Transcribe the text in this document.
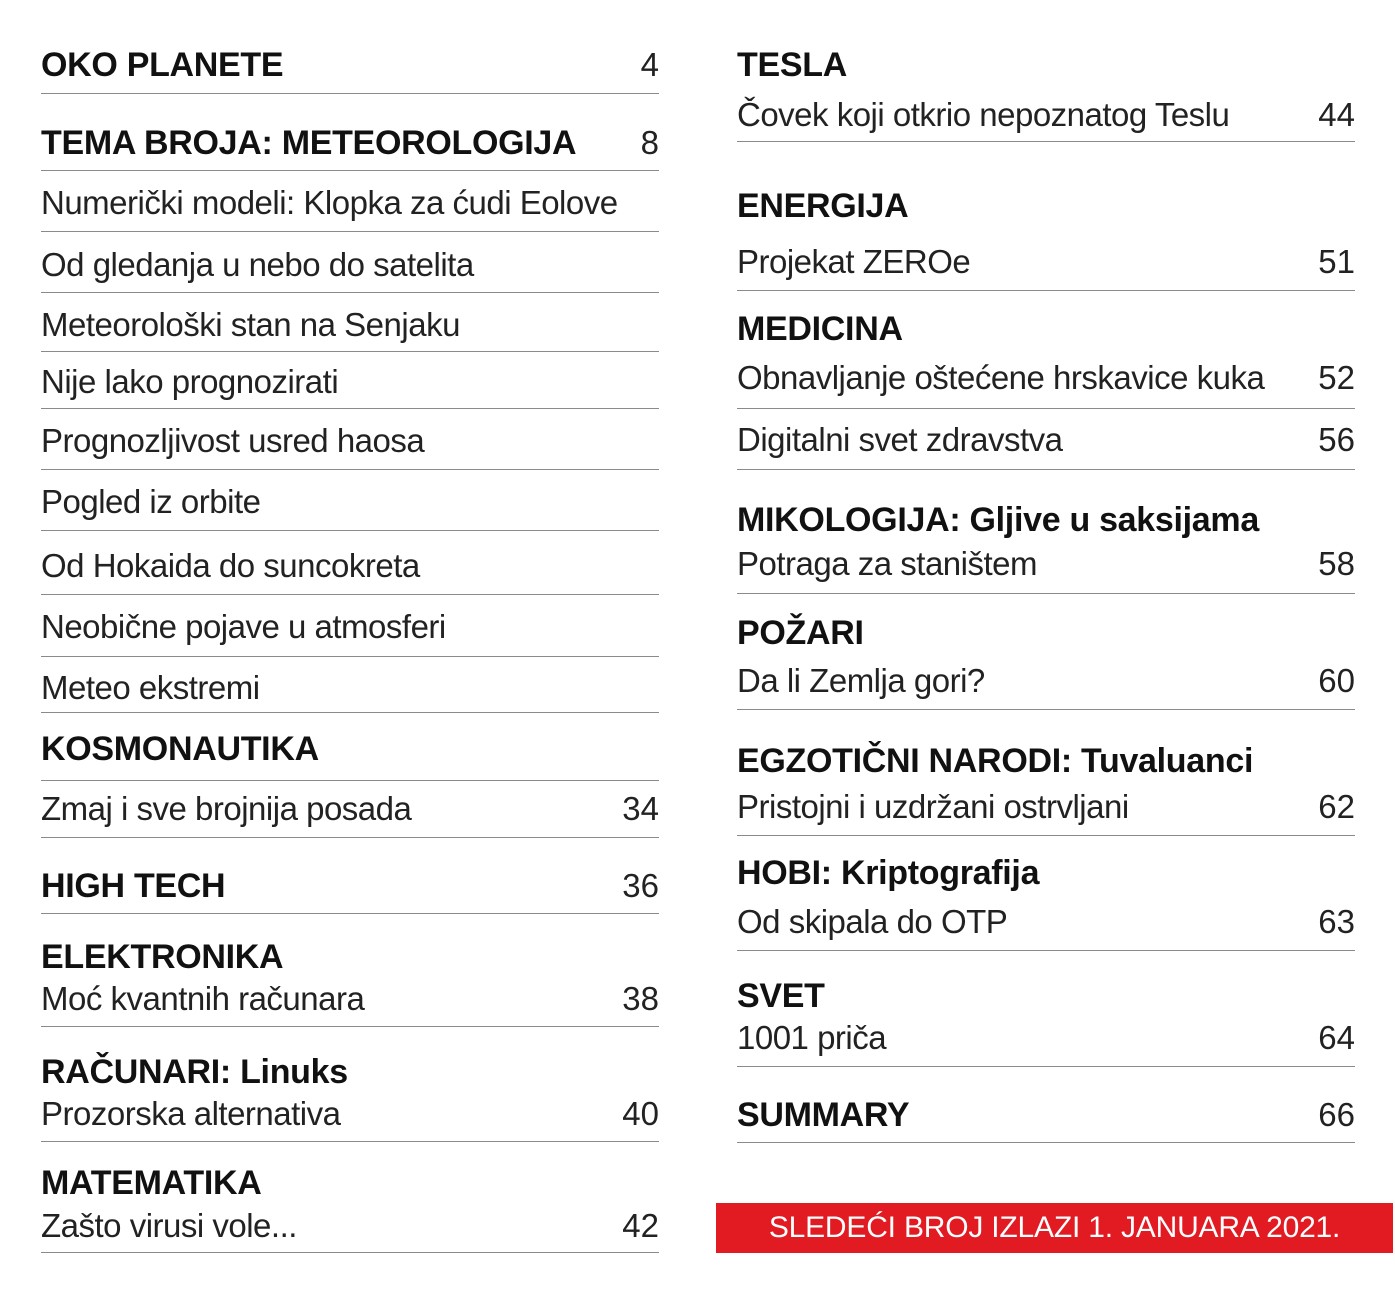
OKO PLANETE	4
TEMA BROJA: METEOROLOGIJA 8
Numerički modeli: Klopka za ćudi Eolove
Od gledanja u nebo do satelita
Meteorološki stan na Senjaku
Nije lako prognozirati
Prognozljivost usred haosa
Pogled iz orbite
Od Hokaida do suncokreta
Neobične pojave u atmosferi
Meteo ekstremi
KOSMONAUTIKA
Zmaj i sve brojnija posada	34
HIGH TECH	36
ELEKTRONIKA
Moć kvantnih računara	38
RAČUNARI: Linuks
Prozorska alternativa	40
MATEMATIKA
Zašto virusi vole...	42
TESLA
Čovek koji otkrio nepoznatog Teslu	44
ENERGIJA
Projekat ZEROe	51
MEDICINA
Obnavljanje oštećene hrskavice kuka 52
Digitalni svet zdravstva	56
MIKOLOGIJA: Gljive u saksijama
Potraga za staništem	58
POŽARI
Da li Zemlja gori?	60
EGZOTIČNI NARODI: Tuvaluanci
Pristojni i uzdržani ostrvljani	62
HOBI: Kriptografija
Od skipala do OTP	63
SVET
1001 priča	64
SUMMARY	66
SLEDEĆI BROJ IZLAZI 1. JANUARA 2021.
